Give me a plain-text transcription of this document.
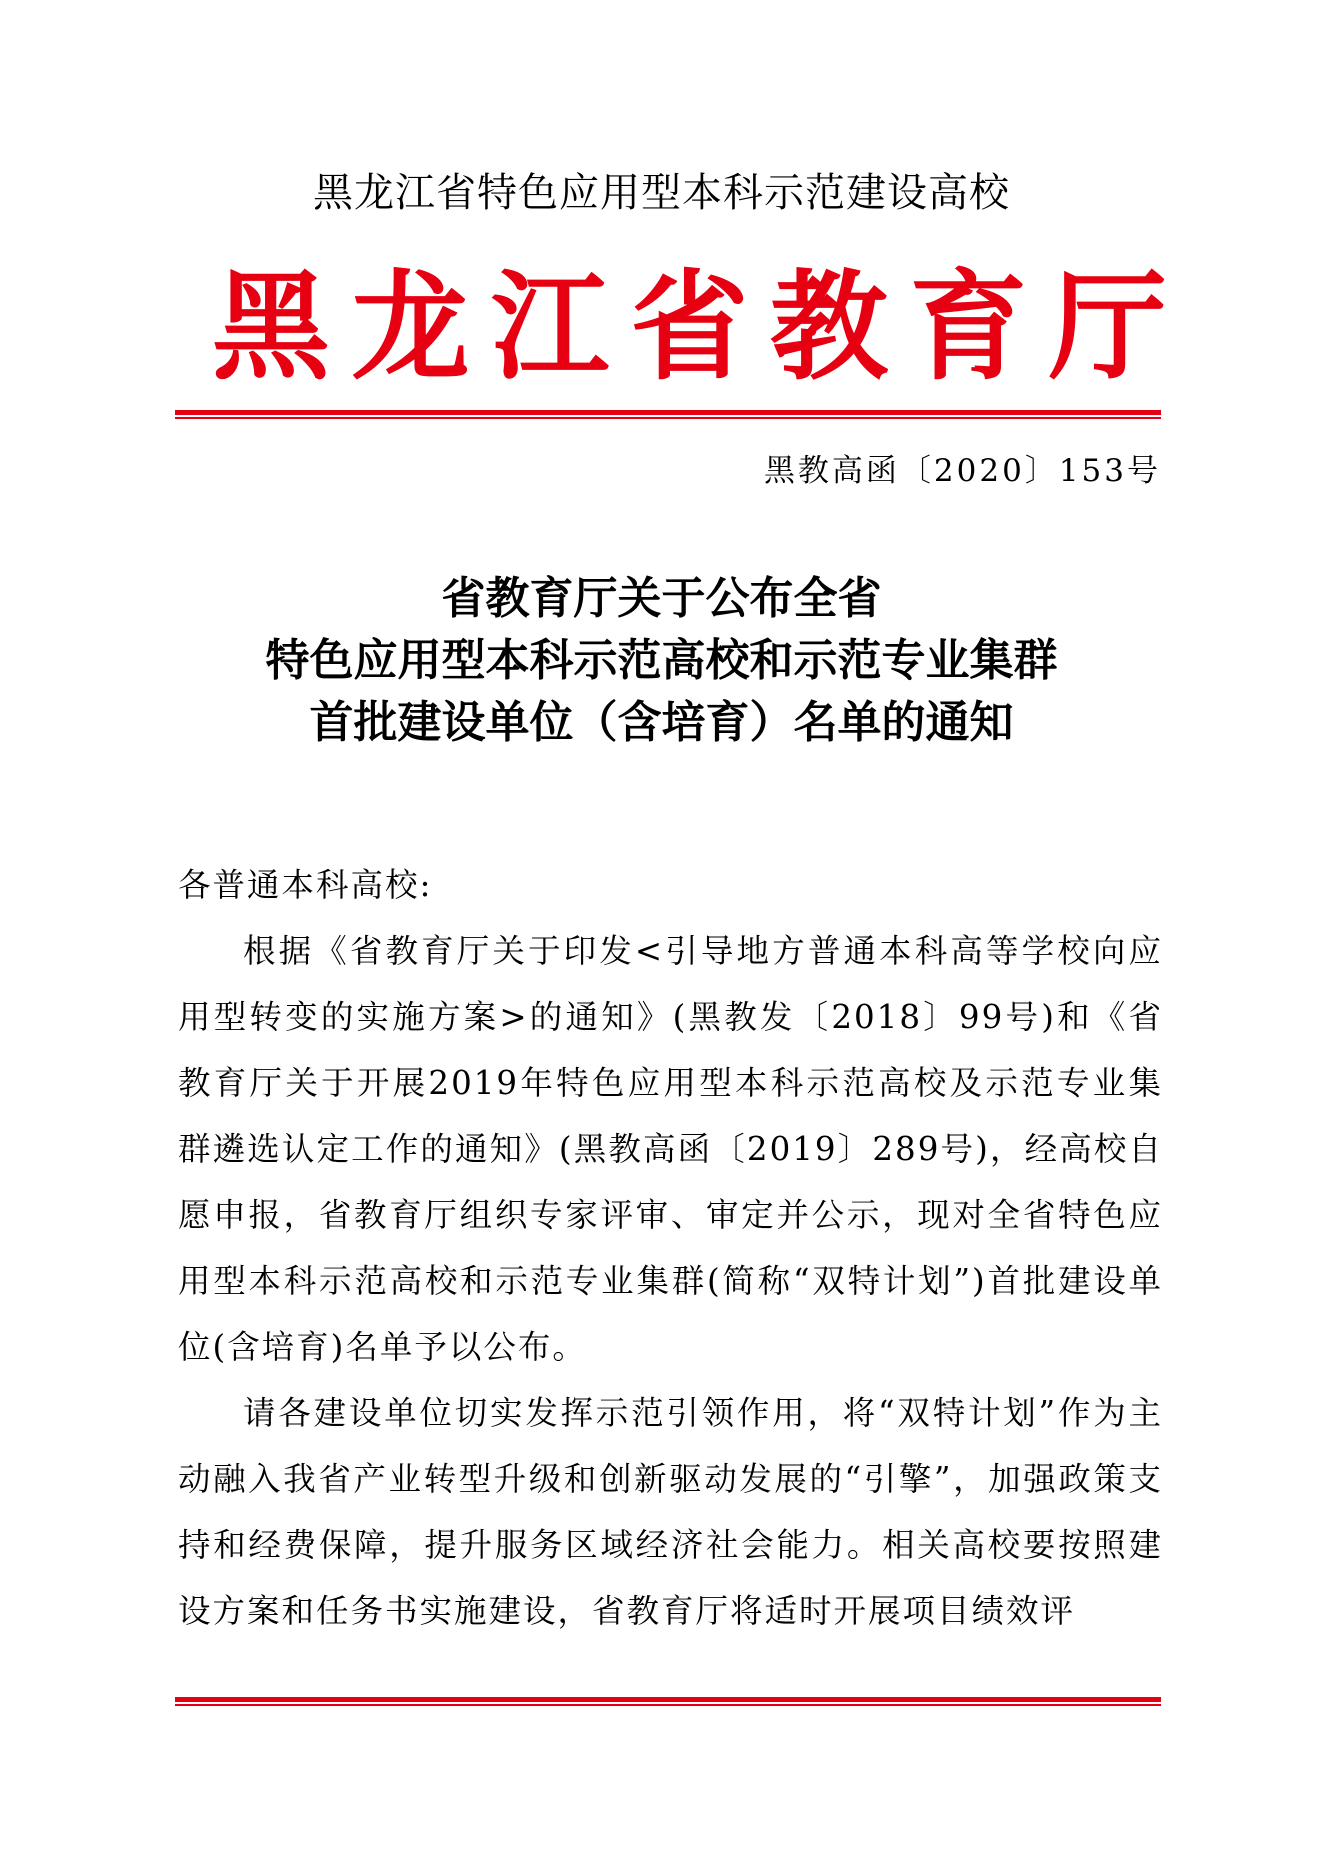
黑龙江省特色应用型本科示范建设高校
黑 龙 江 省 教 育 厅
黑教高函〔2020〕153号
省教育厅关于公布全省
特色应用型本科示范高校和示范专业集群
首批建设单位（含培育）名单的通知

各普通本科高校:

根据《省教育厅关于印发<引导地方普通本科高等学校向应用型转变的实施方案>的通知》(黑教发〔2018〕99号)和《省教育厅关于开展2019年特色应用型本科示范高校及示范专业集群遴选认定工作的通知》(黑教高函〔2019〕289号)，经高校自愿申报，省教育厅组织专家评审、审定并公示，现对全省特色应用型本科示范高校和示范专业集群(简称“双特计划”)首批建设单位(含培育)名单予以公布。

请各建设单位切实发挥示范引领作用，将“双特计划”作为主动融入我省产业转型升级和创新驱动发展的“引擎”，加强政策支持和经费保障，提升服务区域经济社会能力。相关高校要按照建设方案和任务书实施建设，省教育厅将适时开展项目绩效评
